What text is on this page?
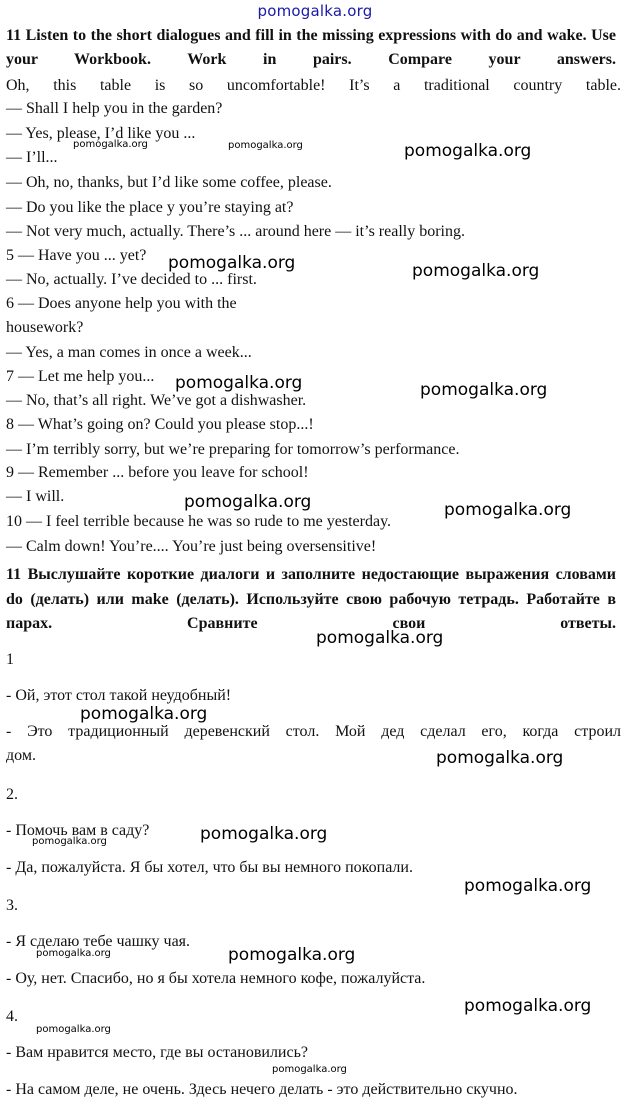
pomogalka.org
11 Listen to the short dialogues and fill in the missing expressions with do and wake. Use your Workbook. Work in pairs. Compare your answers.
Oh, this table is so uncomfortable! It’s a traditional country table.
— Shall I help you in the garden?
— Yes, please, I’d like you ...
— I’ll...
— Oh, no, thanks, but I’d like some coffee, please.
— Do you like the place y you’re staying at?
— Not very much, actually. There’s ... around here — it’s really boring.
5 — Have you ... yet?
— No, actually. I’ve decided to ... first.
6 — Does anyone help you with the
housework?
— Yes, a man comes in once a week...
7 — Let me help you...
— No, that’s all right. We’ve got a dishwasher.
8 — What’s going on? Could you please stop...!
— I’m terribly sorry, but we’re preparing for tomorrow’s performance.
9 — Remember ... before you leave for school!
— I will.
10 — I feel terrible because he was so rude to me yesterday.
— Calm down! You’re.... You’re just being oversensitive!
11 Выслушайте короткие диалоги и заполните недостающие выражения словами do (делать) или make (делать). Используйте свою рабочую тетрадь. Работайте в парах. Сравните свои ответы.
1
- Ой, этот стол такой неудобный!
- Это традиционный деревенский стол. Мой дед сделал его, когда строил
дом.
2.
- Помочь вам в саду?
- Да, пожалуйста. Я бы хотел, что бы вы немного покопали.
3.
- Я сделаю тебе чашку чая.
- Оу, нет. Спасибо, но я бы хотела немного кофе, пожалуйста.
4.
- Вам нравится место, где вы остановились?
- На самом деле, не очень. Здесь нечего делать - это действительно скучно.
pomogalka.org	pomogalka.org	pomogalka.org
pomogalka.org	pomogalka.org
pomogalka.org	pomogalka.org
pomogalka.org	pomogalka.org
pomogalka.org
pomogalka.org
pomogalka.org
pomogalka.org
pomogalka.org
pomogalka.org
pomogalka.org
pomogalka.org
pomogalka.org
pomogalka.org
pomogalka.org
